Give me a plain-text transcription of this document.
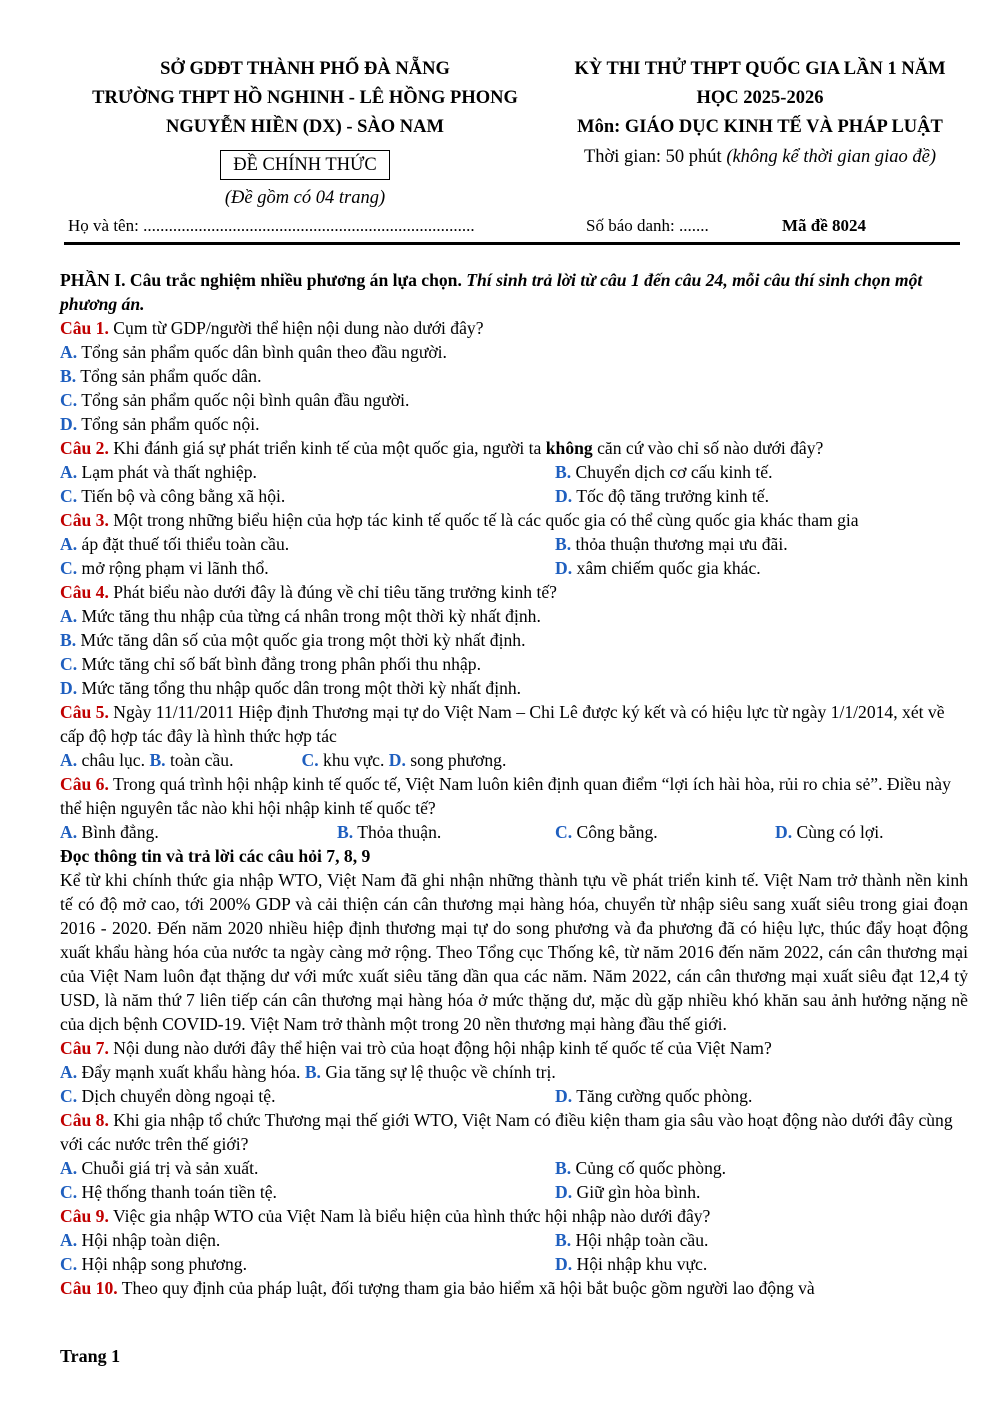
SỞ GDĐT THÀNH PHỐ ĐÀ NẴNG
TRƯỜNG THPT HỒ NGHINH - LÊ HỒNG PHONG
NGUYỄN HIỀN (DX) - SÀO NAM
ĐỀ CHÍNH THỨC
(Đề gồm có 04 trang)
KỲ THI THỬ THPT QUỐC GIA LẦN 1 NĂM
HỌC 2025-2026
Môn: GIÁO DỤC KINH TẾ VÀ PHÁP LUẬT
Thời gian: 50 phút (không kể thời gian giao đề)
Họ và tên: ..............................................................................	Số báo danh: .......	Mã đề 8024

PHẦN I. Câu trắc nghiệm nhiều phương án lựa chọn. Thí sinh trả lời từ câu 1 đến câu 24, mỗi câu thí sinh chọn một phương án.

Câu 1. Cụm từ GDP/người thể hiện nội dung nào dưới đây?

A. Tổng sản phẩm quốc dân bình quân theo đầu người.

B. Tổng sản phẩm quốc dân.

C. Tổng sản phẩm quốc nội bình quân đầu người.

D. Tổng sản phẩm quốc nội.

Câu 2. Khi đánh giá sự phát triển kinh tế của một quốc gia, người ta không căn cứ vào chỉ số nào dưới đây?

A. Lạm phát và thất nghiệp.	B. Chuyển dịch cơ cấu kinh tế.
C. Tiến bộ và công bằng xã hội.	D. Tốc độ tăng trưởng kinh tế.

Câu 3. Một trong những biểu hiện của hợp tác kinh tế quốc tế là các quốc gia có thể cùng quốc gia khác tham gia

A. áp đặt thuế tối thiểu toàn cầu.	B. thỏa thuận thương mại ưu đãi.
C. mở rộng phạm vi lãnh thổ.	D. xâm chiếm quốc gia khác.

Câu 4. Phát biểu nào dưới đây là đúng về chỉ tiêu tăng trưởng kinh tế?

A. Mức tăng thu nhập của từng cá nhân trong một thời kỳ nhất định.

B. Mức tăng dân số của một quốc gia trong một thời kỳ nhất định.

C. Mức tăng chỉ số bất bình đẳng trong phân phối thu nhập.

D. Mức tăng tổng thu nhập quốc dân trong một thời kỳ nhất định.

Câu 5. Ngày 11/11/2011 Hiệp định Thương mại tự do Việt Nam – Chi Lê được ký kết và có hiệu lực từ ngày 1/1/2014, xét về cấp độ hợp tác đây là hình thức hợp tác

A. châu lục. B. toàn cầu.	C. khu vực. D. song phương.

Câu 6. Trong quá trình hội nhập kinh tế quốc tế, Việt Nam luôn kiên định quan điểm “lợi ích hài hòa, rủi ro chia sẻ”. Điều này thể hiện nguyên tắc nào khi hội nhập kinh tế quốc tế?

A. Bình đẳng.	B. Thỏa thuận.	C. Công bằng.	D. Cùng có lợi.

Đọc thông tin và trả lời các câu hỏi 7, 8, 9

Kể từ khi chính thức gia nhập WTO, Việt Nam đã ghi nhận những thành tựu về phát triển kinh tế. Việt Nam trở thành nền kinh tế có độ mở cao, tới 200% GDP và cải thiện cán cân thương mại hàng hóa, chuyển từ nhập siêu sang xuất siêu trong giai đoạn 2016 - 2020. Đến năm 2020 nhiều hiệp định thương mại tự do song phương và đa phương đã có hiệu lực, thúc đẩy hoạt động xuất khẩu hàng hóa của nước ta ngày càng mở rộng. Theo Tổng cục Thống kê, từ năm 2016 đến năm 2022, cán cân thương mại của Việt Nam luôn đạt thặng dư với mức xuất siêu tăng dần qua các năm. Năm 2022, cán cân thương mại xuất siêu đạt 12,4 tỷ USD, là năm thứ 7 liên tiếp cán cân thương mại hàng hóa ở mức thặng dư, mặc dù gặp nhiều khó khăn sau ảnh hưởng nặng nề của dịch bệnh COVID-19. Việt Nam trở thành một trong 20 nền thương mại hàng đầu thế giới.

Câu 7. Nội dung nào dưới đây thể hiện vai trò của hoạt động hội nhập kinh tế quốc tế của Việt Nam?

A. Đẩy mạnh xuất khẩu hàng hóa. B. Gia tăng sự lệ thuộc về chính trị.

C. Dịch chuyển dòng ngoại tệ.	D. Tăng cường quốc phòng.

Câu 8. Khi gia nhập tổ chức Thương mại thế giới WTO, Việt Nam có điều kiện tham gia sâu vào hoạt động nào dưới đây cùng với các nước trên thế giới?

A. Chuỗi giá trị và sản xuất.	B. Củng cố quốc phòng.
C. Hệ thống thanh toán tiền tệ.	D. Giữ gìn hòa bình.

Câu 9. Việc gia nhập WTO của Việt Nam là biểu hiện của hình thức hội nhập nào dưới đây?

A. Hội nhập toàn diện.	B. Hội nhập toàn cầu.
C. Hội nhập song phương.	D. Hội nhập khu vực.

Câu 10. Theo quy định của pháp luật, đối tượng tham gia bảo hiểm xã hội bắt buộc gồm người lao động và

Trang 1
